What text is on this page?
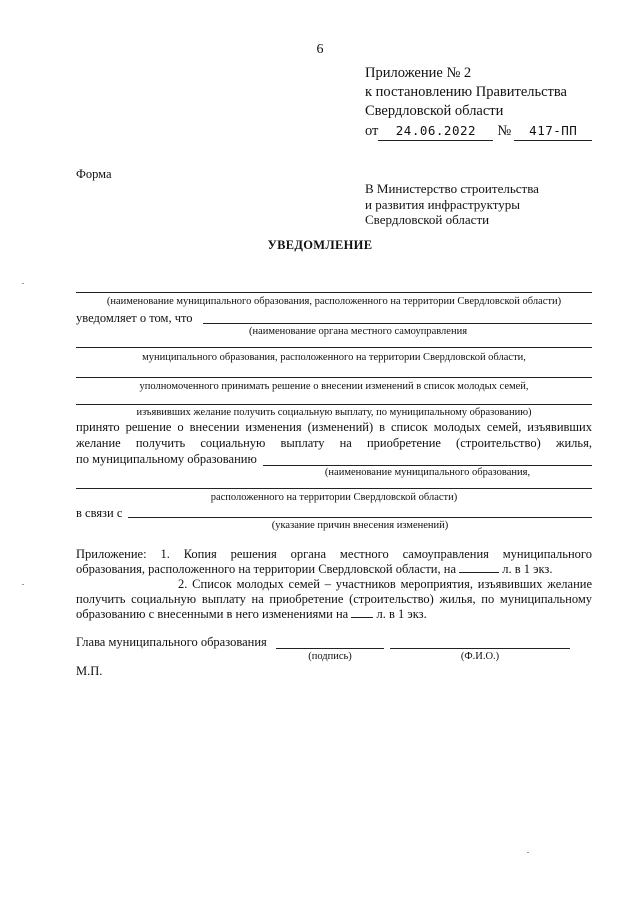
6
Приложение № 2
к постановлению Правительства
Свердловской области
от	24.06.2022	№	417-ПП
Форма
В Министерство строительства
и развития инфраструктуры
Свердловской области
УВЕДОМЛЕНИЕ
(наименование муниципального образования, расположенного на территории Свердловской области)
уведомляет о том, что
(наименование органа местного самоуправления
муниципального образования, расположенного на территории Свердловской области,
уполномоченного принимать решение о внесении изменений в список молодых семей,
изъявивших желание получить социальную выплату, по муниципальному образованию)
принято решение о внесении изменения (изменений) в список молодых семей, изъявивших
желание получить социальную выплату на приобретение (строительство) жилья,
по муниципальному образованию
(наименование муниципального образования,
расположенного на территории Свердловской области)
в связи с
(указание причин внесения изменений)
Приложение: 1. Копия решения органа местного самоуправления муниципального
образования, расположенного на территории Свердловской области, на	л. в 1 экз.
2. Список молодых семей – участников мероприятия, изъявивших желание
получить социальную выплату на приобретение (строительство) жилья, по муниципальному
образованию с внесенными в него изменениями на л. в 1 экз.
Глава муниципального образования
(подпись)	(Ф.И.О.)
М.П.
